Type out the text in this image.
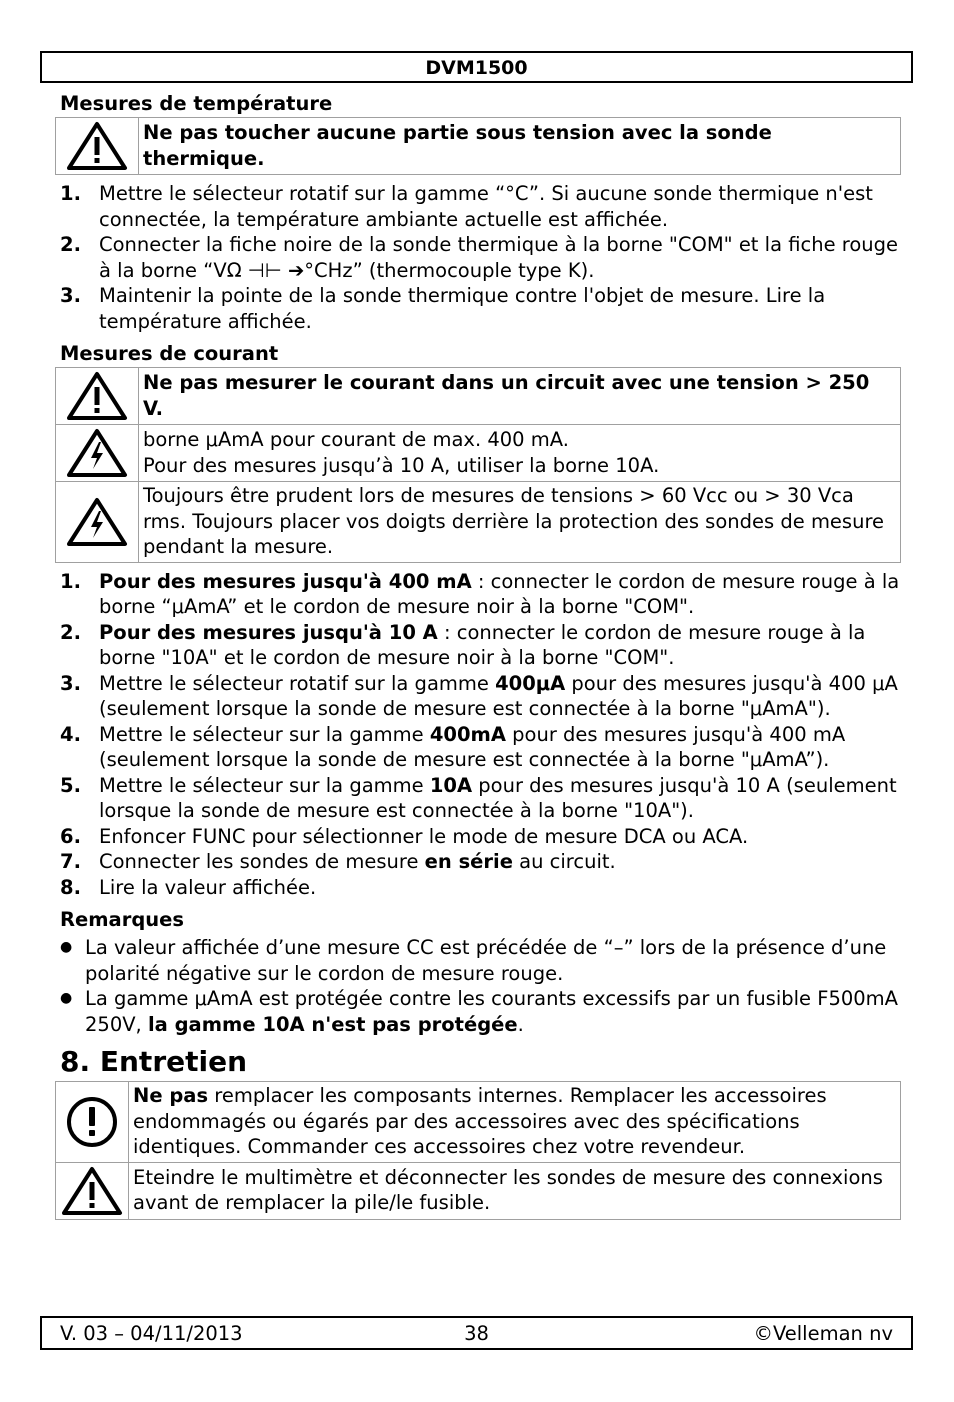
DVM1500
Mesures de température
	Ne pas toucher aucune partie sous tension avec la sonde thermique.
1. Mettre le sélecteur rotatif sur la gamme “°C”. Si aucune sonde thermique n'est connectée, la température ambiante actuelle est affichée.
2. Connecter la fiche noire de la sonde thermique à la borne "COM" et la fiche rouge à la borne “VΩ ⊣⊢ ➔°CHz” (thermocouple type K).
3. Maintenir la pointe de la sonde thermique contre l'objet de mesure. Lire la température affichée.
Mesures de courant
	Ne pas mesurer le courant dans un circuit avec une tension > 250 V.

borne μAmA pour courant de max. 400 mA.
Pour des mesures jusqu’à 10 A, utiliser la borne 10A.

	Toujours être prudent lors de mesures de tensions > 60 Vcc ou > 30 Vca rms. Toujours placer vos doigts derrière la protection des sondes de mesure pendant la mesure.
1. Pour des mesures jusqu'à 400 mA : connecter le cordon de mesure rouge à la borne “μAmA” et le cordon de mesure noir à la borne "COM".
2. Pour des mesures jusqu'à 10 A : connecter le cordon de mesure rouge à la borne "10A" et le cordon de mesure noir à la borne "COM".
3. Mettre le sélecteur rotatif sur la gamme 400μA pour des mesures jusqu'à 400 μA (seulement lorsque la sonde de mesure est connectée à la borne "μAmA").
4. Mettre le sélecteur sur la gamme 400mA pour des mesures jusqu'à 400 mA (seulement lorsque la sonde de mesure est connectée à la borne "μAmA”).
5. Mettre le sélecteur sur la gamme 10A pour des mesures jusqu'à 10 A (seulement lorsque la sonde de mesure est connectée à la borne "10A").
6. Enfoncer FUNC pour sélectionner le mode de mesure DCA ou ACA.
7. Connecter les sondes de mesure en série au circuit.
8. Lire la valeur affichée.
Remarques
● La valeur affichée d’une mesure CC est précédée de “–” lors de la présence d’une polarité négative sur le cordon de mesure rouge.
● La gamme μAmA est protégée contre les courants excessifs par un fusible F500mA 250V, la gamme 10A n'est pas protégée.
8. Entretien
	Ne pas remplacer les composants internes. Remplacer les accessoires endommagés ou égarés par des accessoires avec des spécifications identiques. Commander ces accessoires chez votre revendeur.

	Eteindre le multimètre et déconnecter les sondes de mesure des connexions avant de remplacer la pile/le fusible.
V. 03 – 04/11/2013	38	©Velleman nv
